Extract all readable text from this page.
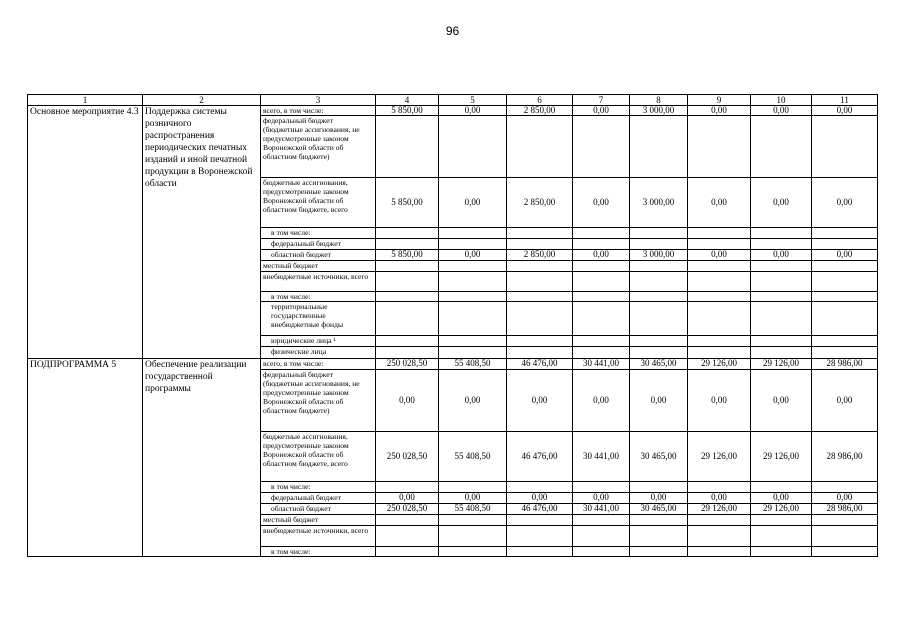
96
1	2	3	4	5	6	7	8	9	10	11
Основное мероприятие 4.3	Поддержка системы розничного распространения периодических печатных изданий и иной печатной продукции в Воронежской области	всего, в том числе:	5 850,00	0,00	2 850,00	0,00	3 000,00	0,00	0,00	0,00
		федеральный бюджет (бюджетные ассигнования, не предусмотренные законом Воронежской области об областном бюджете)								
		бюджетные ассигнования, предусмотренные законом Воронежской области об областном бюджете, всего	5 850,00	0,00	2 850,00	0,00	3 000,00	0,00	0,00	0,00
		в том числе:								
		федеральный бюджет								
		областной бюджет	5 850,00	0,00	2 850,00	0,00	3 000,00	0,00	0,00	0,00
		местный бюджет								
		внебюджетные источники, всего								
		в том числе:								
		территориальные государственные внебюджетные фонды								
		юридические лица ¹								
		физические лица								
ПОДПРОГРАММА 5	Обеспечение реализации государственной программы	всего, в том числе:	250 028,50	55 408,50	46 476,00	30 441,00	30 465,00	29 126,00	29 126,00	28 986,00
		федеральный бюджет (бюджетные ассигнования, не предусмотренные законом Воронежской области об областном бюджете)	0,00	0,00	0,00	0,00	0,00	0,00	0,00	0,00
		бюджетные ассигнования, предусмотренные законом Воронежской области об областном бюджете, всего	250 028,50	55 408,50	46 476,00	30 441,00	30 465,00	29 126,00	29 126,00	28 986,00
		в том числе:								
		федеральный бюджет	0,00	0,00	0,00	0,00	0,00	0,00	0,00	0,00
		областной бюджет	250 028,50	55 408,50	46 476,00	30 441,00	30 465,00	29 126,00	29 126,00	28 986,00
		местный бюджет								
		внебюджетные источники, всего								
		в том числе:								
